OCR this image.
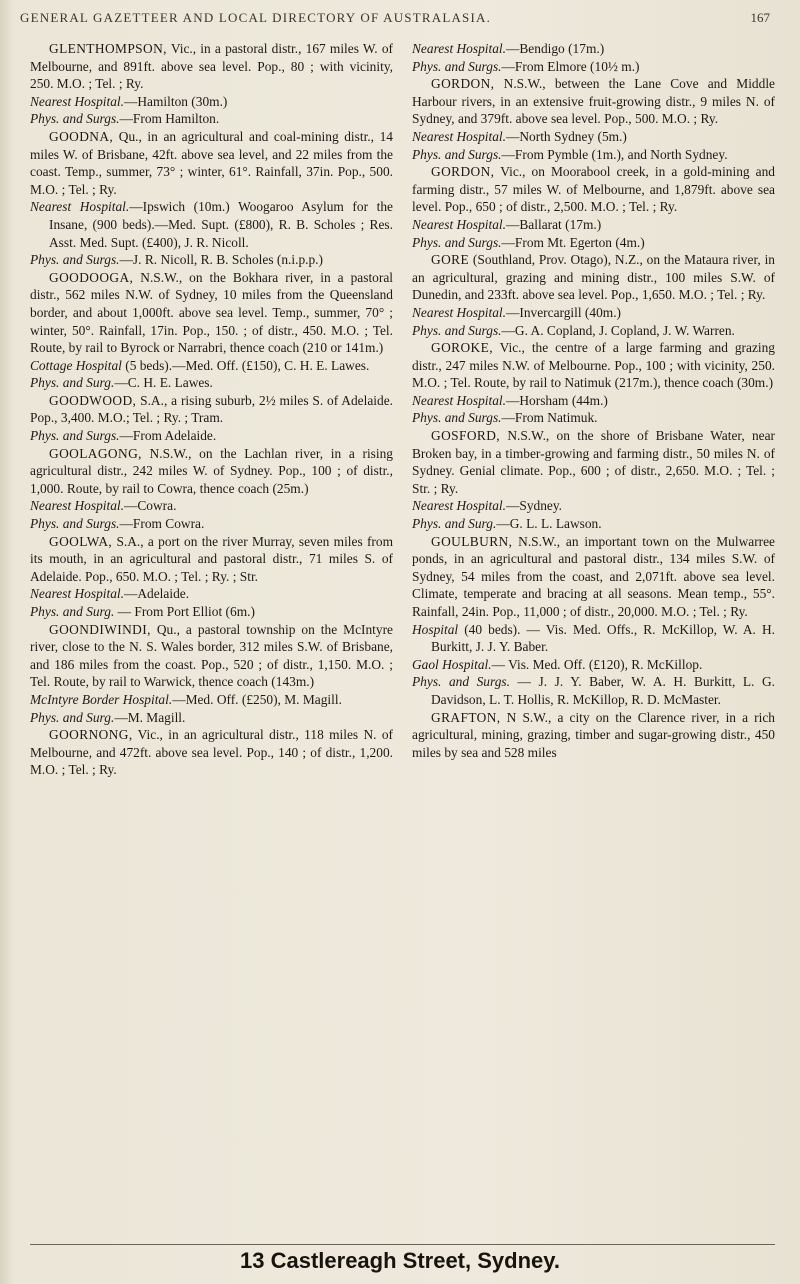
GENERAL GAZETTEER AND LOCAL DIRECTORY OF AUSTRALASIA.	167

GLENTHOMPSON, Vic., in a pastoral distr., 167 miles W. of Melbourne, and 891ft. above sea level. Pop., 80 ; with vicinity, 250. M.O. ; Tel. ; Ry.

Nearest Hospital.—Hamilton (30m.)

Phys. and Surgs.—From Hamilton.

GOODNA, Qu., in an agricultural and coal-mining distr., 14 miles W. of Brisbane, 42ft. above sea level, and 22 miles from the coast. Temp., summer, 73° ; winter, 61°. Rainfall, 37in. Pop., 500. M.O. ; Tel. ; Ry.

Nearest Hospital.—Ipswich (10m.) Woogaroo Asylum for the Insane, (900 beds).—Med. Supt. (£800), R. B. Scholes ; Res. Asst. Med. Supt. (£400), J. R. Nicoll.

Phys. and Surgs.—J. R. Nicoll, R. B. Scholes (n.i.p.p.)

GOODOOGA, N.S.W., on the Bokhara river, in a pastoral distr., 562 miles N.W. of Sydney, 10 miles from the Queensland border, and about 1,000ft. above sea level. Temp., summer, 70° ; winter, 50°. Rainfall, 17in. Pop., 150. ; of distr., 450. M.O. ; Tel. Route, by rail to Byrock or Narrabri, thence coach (210 or 141m.)

Cottage Hospital (5 beds).—Med. Off. (£150), C. H. E. Lawes.

Phys. and Surg.—C. H. E. Lawes.

GOODWOOD, S.A., a rising suburb, 2½ miles S. of Adelaide. Pop., 3,400. M.O.; Tel. ; Ry. ; Tram.

Phys. and Surgs.—From Adelaide.

GOOLAGONG, N.S.W., on the Lachlan river, in a rising agricultural distr., 242 miles W. of Sydney. Pop., 100 ; of distr., 1,000. Route, by rail to Cowra, thence coach (25m.)

Nearest Hospital.—Cowra.

Phys. and Surgs.—From Cowra.

GOOLWA, S.A., a port on the river Murray, seven miles from its mouth, in an agricultural and pastoral distr., 71 miles S. of Adelaide. Pop., 650. M.O. ; Tel. ; Ry. ; Str.

Nearest Hospital.—Adelaide.

Phys. and Surg. — From Port Elliot (6m.)

GOONDIWINDI, Qu., a pastoral township on the McIntyre river, close to the N. S. Wales border, 312 miles S.W. of Brisbane, and 186 miles from the coast. Pop., 520 ; of distr., 1,150. M.O. ; Tel. Route, by rail to Warwick, thence coach (143m.)

McIntyre Border Hospital.—Med. Off. (£250), M. Magill.

Phys. and Surg.—M. Magill.

GOORNONG, Vic., in an agricultural distr., 118 miles N. of Melbourne, and 472ft. above sea level. Pop., 140 ; of distr., 1,200. M.O. ; Tel. ; Ry.

Nearest Hospital.—Bendigo (17m.)

Phys. and Surgs.—From Elmore (10½ m.)

GORDON, N.S.W., between the Lane Cove and Middle Harbour rivers, in an extensive fruit-growing distr., 9 miles N. of Sydney, and 379ft. above sea level. Pop., 500. M.O. ; Ry.

Nearest Hospital.—North Sydney (5m.)

Phys. and Surgs.—From Pymble (1m.), and North Sydney.

GORDON, Vic., on Moorabool creek, in a gold-mining and farming distr., 57 miles W. of Melbourne, and 1,879ft. above sea level. Pop., 650 ; of distr., 2,500. M.O. ; Tel. ; Ry.

Nearest Hospital.—Ballarat (17m.)

Phys. and Surgs.—From Mt. Egerton (4m.)

GORE (Southland, Prov. Otago), N.Z., on the Mataura river, in an agricultural, grazing and mining distr., 100 miles S.W. of Dunedin, and 233ft. above sea level. Pop., 1,650. M.O. ; Tel. ; Ry.

Nearest Hospital.—Invercargill (40m.)

Phys. and Surgs.—G. A. Copland, J. Copland, J. W. Warren.

GOROKE, Vic., the centre of a large farming and grazing distr., 247 miles N.W. of Melbourne. Pop., 100 ; with vicinity, 250. M.O. ; Tel. Route, by rail to Natimuk (217m.), thence coach (30m.)

Nearest Hospital.—Horsham (44m.)

Phys. and Surgs.—From Natimuk.

GOSFORD, N.S.W., on the shore of Brisbane Water, near Broken bay, in a timber-growing and farming distr., 50 miles N. of Sydney. Genial climate. Pop., 600 ; of distr., 2,650. M.O. ; Tel. ; Str. ; Ry.

Nearest Hospital.—Sydney.

Phys. and Surg.—G. L. L. Lawson.

GOULBURN, N.S.W., an important town on the Mulwarree ponds, in an agricultural and pastoral distr., 134 miles S.W. of Sydney, 54 miles from the coast, and 2,071ft. above sea level. Climate, temperate and bracing at all seasons. Mean temp., 55°. Rainfall, 24in. Pop., 11,000 ; of distr., 20,000. M.O. ; Tel. ; Ry.

Hospital (40 beds). — Vis. Med. Offs., R. McKillop, W. A. H. Burkitt, J. J. Y. Baber.

Gaol Hospital.— Vis. Med. Off. (£120), R. McKillop.

Phys. and Surgs. — J. J. Y. Baber, W. A. H. Burkitt, L. G. Davidson, L. T. Hollis, R. McKillop, R. D. McMaster.

GRAFTON, N S.W., a city on the Clarence river, in a rich agricultural, mining, grazing, timber and sugar-growing distr., 450 miles by sea and 528 miles

13 Castlereagh Street, Sydney.
